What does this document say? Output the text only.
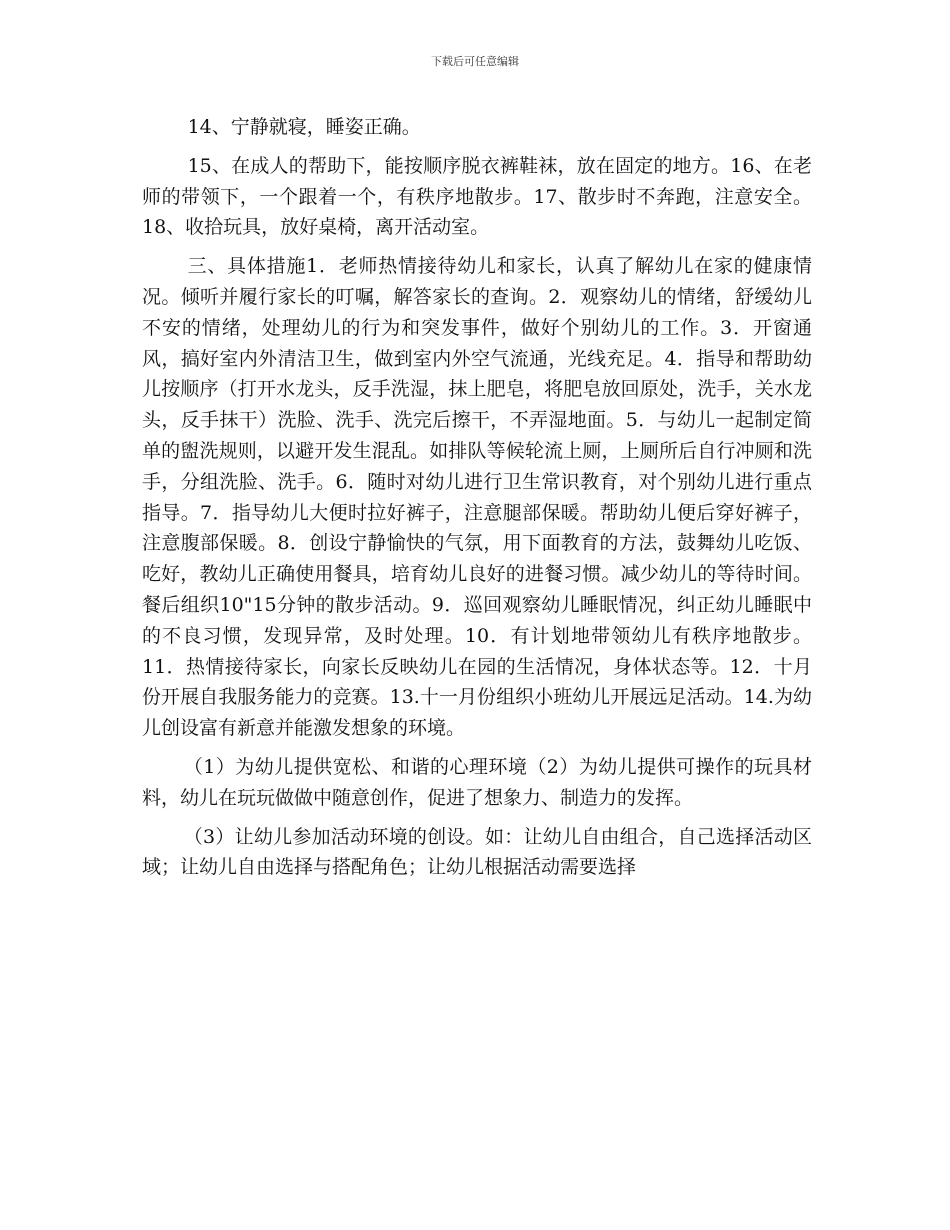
下载后可任意编辑

14、宁静就寝，睡姿正确。

15、在成人的帮助下，能按顺序脱衣裤鞋袜，放在固定的地方。16、在老师的带领下，一个跟着一个，有秩序地散步。17、散步时不奔跑，注意安全。18、收拾玩具，放好桌椅，离开活动室。

三、具体措施1．老师热情接待幼儿和家长，认真了解幼儿在家的健康情况。倾听并履行家长的叮嘱，解答家长的查询。2．观察幼儿的情绪，舒缓幼儿不安的情绪，处理幼儿的行为和突发事件，做好个别幼儿的工作。3．开窗通风，搞好室内外清洁卫生，做到室内外空气流通，光线充足。4．指导和帮助幼儿按顺序（打开水龙头，反手洗湿，抹上肥皂，将肥皂放回原处，洗手，关水龙头，反手抹干）洗脸、洗手、洗完后擦干，不弄湿地面。5．与幼儿一起制定简单的盥洗规则，以避开发生混乱。如排队等候轮流上厕，上厕所后自行冲厕和洗手，分组洗脸、洗手。6．随时对幼儿进行卫生常识教育，对个别幼儿进行重点指导。7．指导幼儿大便时拉好裤子，注意腿部保暖。帮助幼儿便后穿好裤子，注意腹部保暖。8．创设宁静愉快的气氛，用下面教育的方法，鼓舞幼儿吃饭、吃好，教幼儿正确使用餐具，培育幼儿良好的进餐习惯。减少幼儿的等待时间。餐后组织10"15分钟的散步活动。9．巡回观察幼儿睡眠情况，纠正幼儿睡眠中的不良习惯，发现异常，及时处理。10．有计划地带领幼儿有秩序地散步。11．热情接待家长，向家长反映幼儿在园的生活情况，身体状态等。12．十月份开展自我服务能力的竞赛。13.十一月份组织小班幼儿开展远足活动。14.为幼儿创设富有新意并能激发想象的环境。

（1）为幼儿提供宽松、和谐的心理环境（2）为幼儿提供可操作的玩具材料，幼儿在玩玩做做中随意创作，促进了想象力、制造力的发挥。

（3）让幼儿参加活动环境的创设。如：让幼儿自由组合，自己选择活动区域；让幼儿自由选择与搭配角色；让幼儿根据活动需要选择
